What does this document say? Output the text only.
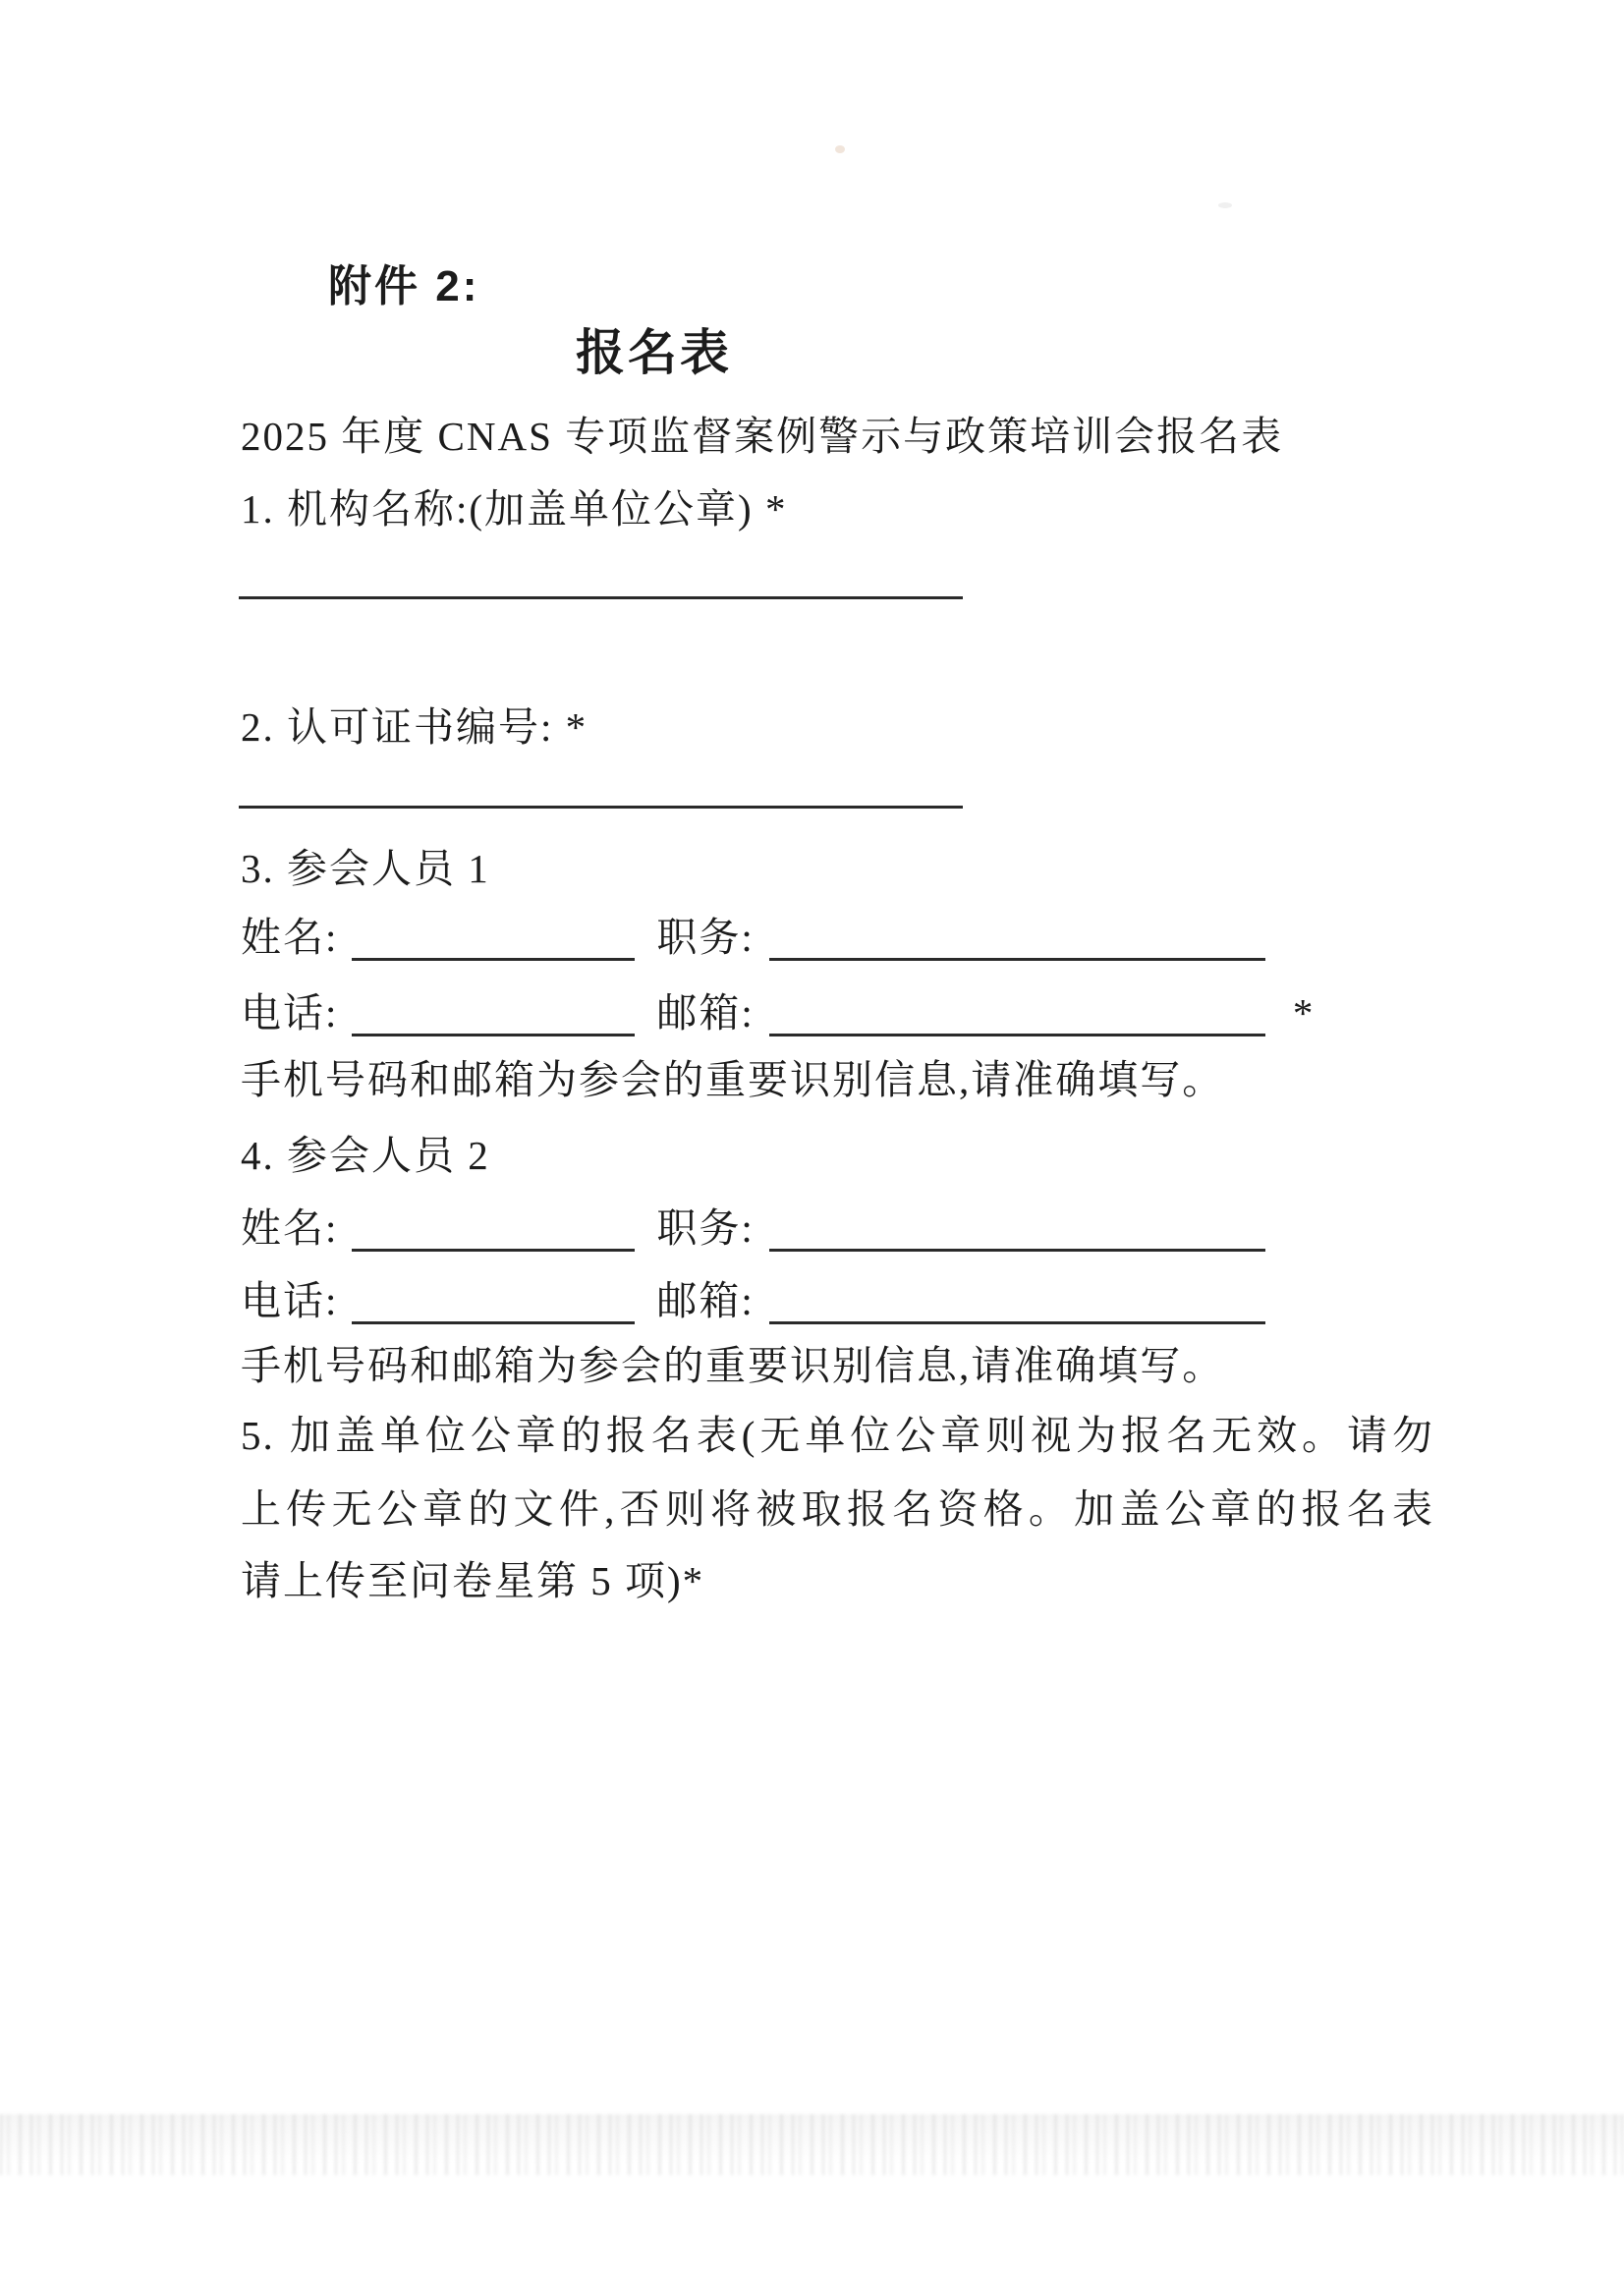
附件 2:
报名表
2025 年度 CNAS 专项监督案例警示与政策培训会报名表
1. 机构名称:(加盖单位公章) *
2. 认可证书编号: *
3. 参会人员 1
姓名:	职务:
电话:	邮箱:	*
手机号码和邮箱为参会的重要识别信息,请准确填写。
4. 参会人员 2
姓名:	职务:
电话:	邮箱:
手机号码和邮箱为参会的重要识别信息,请准确填写。
5. 加盖单位公章的报名表(无单位公章则视为报名无效。请勿
上传无公章的文件,否则将被取报名资格。加盖公章的报名表
请上传至问卷星第 5 项)*
